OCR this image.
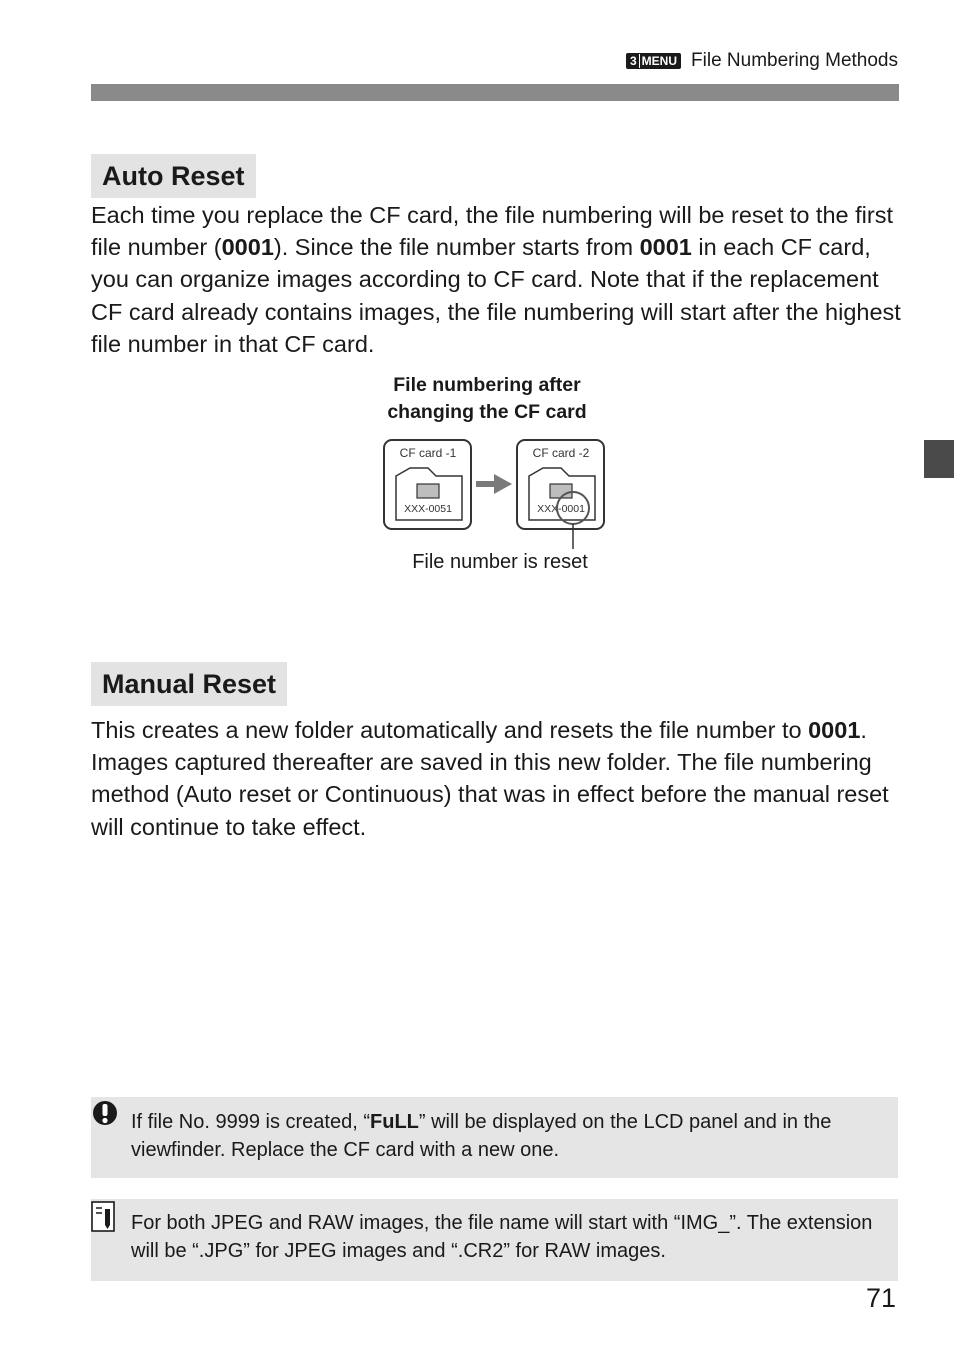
3 MENU File Numbering Methods
Auto Reset
Each time you replace the CF card, the file numbering will be reset to the first file number (0001). Since the file number starts from 0001 in each CF card, you can organize images according to CF card. Note that if the replacement CF card already contains images, the file numbering will start after the highest file number in that CF card.
File numbering after
changing the CF card
CF card -1
XXX-0051
CF card -2
XXX-0001
File number is reset
Manual Reset
This creates a new folder automatically and resets the file number to 0001. Images captured thereafter are saved in this new folder. The file numbering method (Auto reset or Continuous) that was in effect before the manual reset will continue to take effect.
If file No. 9999 is created, “FuLL” will be displayed on the LCD panel and in the viewfinder. Replace the CF card with a new one.
For both JPEG and RAW images, the file name will start with “IMG_”. The extension will be “.JPG” for JPEG images and “.CR2” for RAW images.
71
